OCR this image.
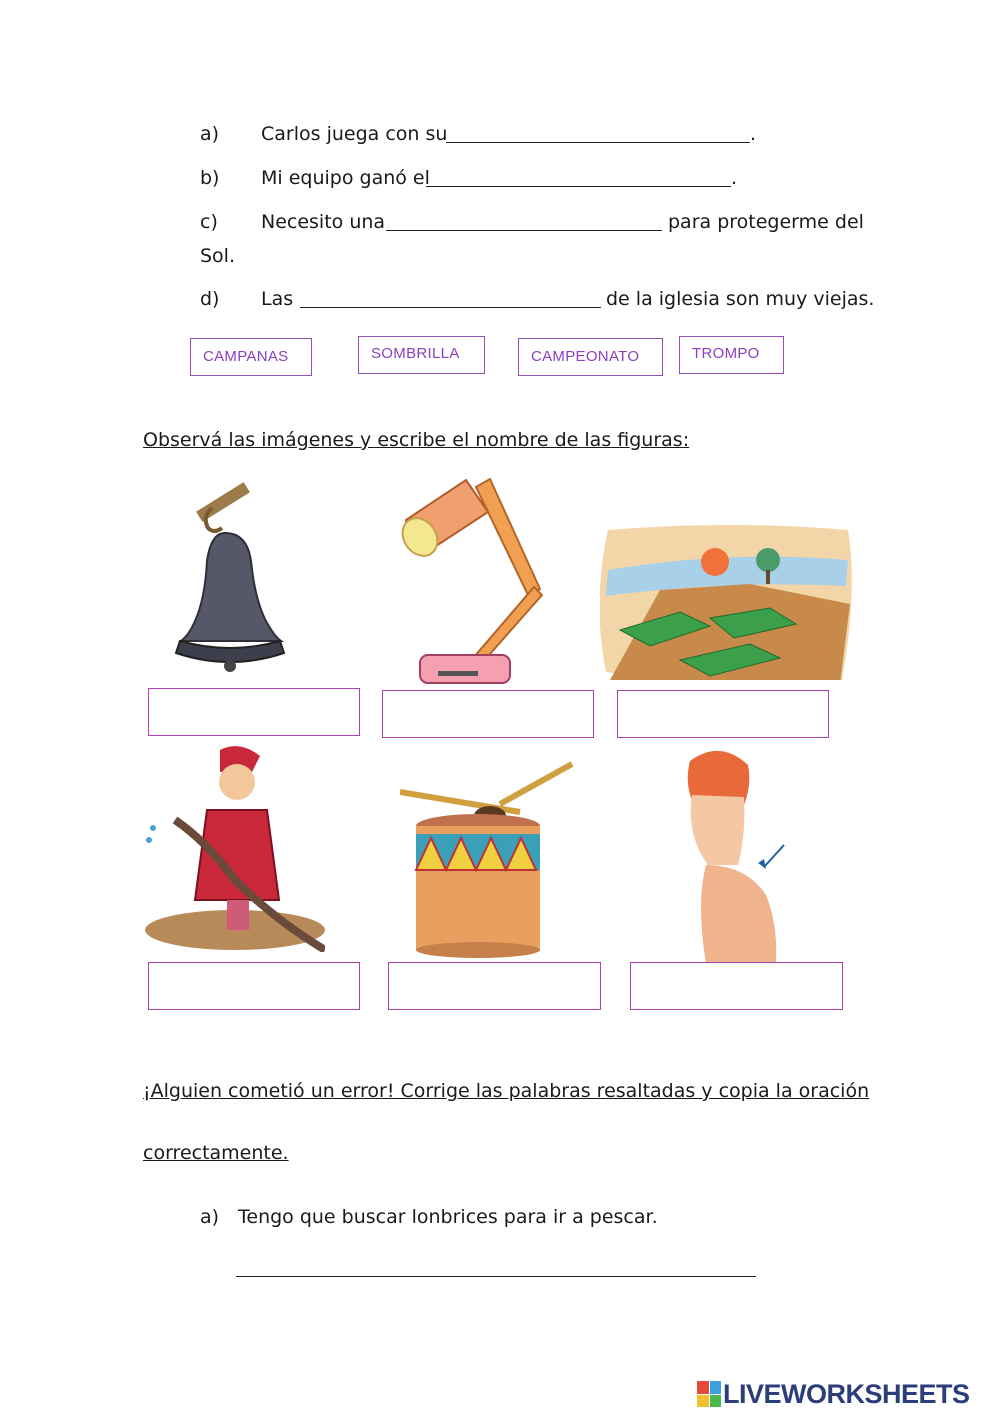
a) Carlos juega con su	.
b) Mi equipo ganó el	.
c) Necesito una	para protegerme del
Sol.
d) Las	de la iglesia son muy viejas.
CAMPANAS	SOMBRILLA	CAMPEONATO	TROMPO
Observá las imágenes y escribe el nombre de las figuras:
¡Alguien cometió un error! Corrige las palabras resaltadas y copia la oración
correctamente.
a) Tengo que buscar lonbrices para ir a pescar.
LIVEWORKSHEETS
